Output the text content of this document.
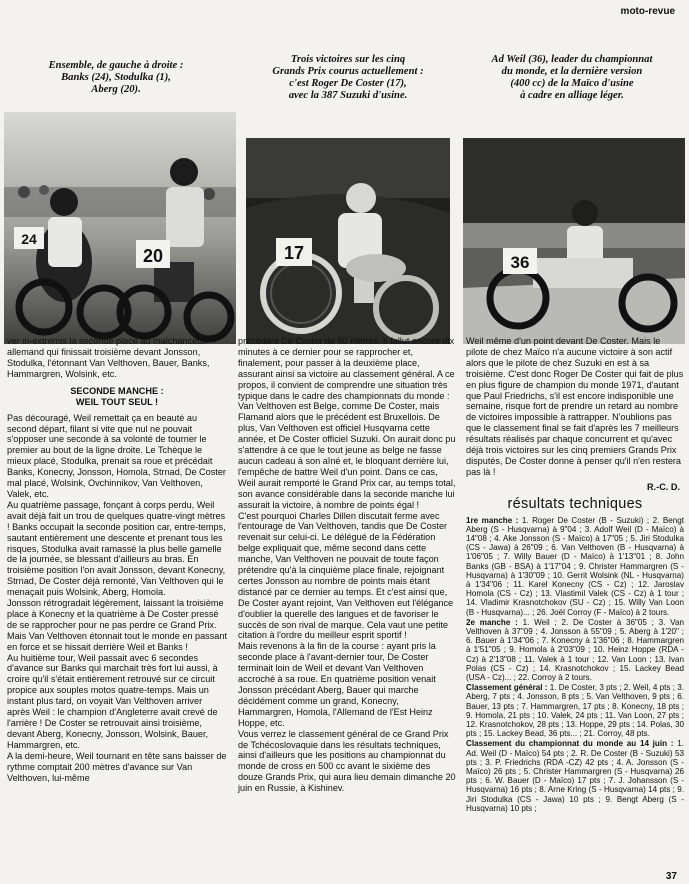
moto-revue
Ensemble, de gauche à droite :
Banks (24), Stodulka (1),
Aberg (20).
Trois victoires sur les cinq
Grands Prix courus actuellement :
c'est Roger De Coster (17),
avec la 387 Suzuki d'usine.
Ad Weil (36), leader du championnat
du monde, et la dernière version
(400 cc) de la Maïco d'usine
à cadre en alliage léger.
24
20	17	36

ver in-extremis la seconde place au malchanceux allemand qui finissait troisième devant Jonsson, Stodulka, l'étonnant Van Velthoven, Bauer, Banks, Hammargren, Wolsink, etc.

SECONDE MANCHE :
WEIL TOUT SEUL !

Pas découragé, Weil remettait ça en beauté au second départ, filant si vite que nul ne pouvait s'opposer une seconde à sa volonté de tourner le premier au bout de la ligne droite. Le Tchèque le mieux placé, Stodulka, prenait sa roue et précédait Banks, Konecny, Jonsson, Homola, Strnad, De Coster mal placé, Wolsink, Ovchinnikov, Van Velthoven, Valek, etc.
Au quatrième passage, fonçant à corps perdu, Weil avait déjà fait un trou de quelques quatre-vingt mètres ! Banks occupait la seconde position car, entre-temps, sautant entièrement une descente et prenant tous les risques, Stodulka avait ramassé la plus belle gamelle de la journée, se blessant d'ailleurs au bras. En troisième position l'on avait Jonsson, devant Konecny, Strnad, De Coster déjà remonté, Van Velthoven qui le menaçait puis Wolsink, Aberg, Homola.
Jonsson rétrogradait légèrement, laissant la troisième place à Konecny et la quatrième à De Coster pressé de se rapprocher pour ne pas perdre ce Grand Prix. Mais Van Velthoven étonnait tout le monde en passant en force et se hissait derrière Weil et Banks !
Au huitième tour, Weil passait avec 6 secondes d'avance sur Banks qui marchait très fort lui aussi, à croire qu'il s'était entièrement retrouvé sur ce circuit propice aux souples motos quatre-temps. Mais un instant plus tard, on voyait Van Velthoven arriver après Weil : le champion d'Angleterre avait crevé de l'arrière ! De Coster se retrouvait ainsi troisième, devant Aberg, Konecny, Jonsson, Wolsink, Bauer, Hammargren, etc.
A la demi-heure, Weil tournant en tête sans baisser de rythme comptait 200 mètres d'avance sur Van Velthoven, lui-même

précédant De Coster de 50 mètres. Il fallut encore dix minutes à ce dernier pour se rapprocher et, finalement, pour passer à la deuxième place, assurant ainsi sa victoire au classement général. A ce propos, il convient de comprendre une situation très typique dans le cadre des championnats du monde : Van Velthoven est Belge, comme De Coster, mais Flamand alors que le précédent est Bruxellois. De plus, Van Velthoven est officiel Husqvarna cette année, et De Coster officiel Suzuki. On aurait donc pu s'attendre à ce que le tout jeune as belge ne fasse aucun cadeau à son aîné et, le bloquant derrière lui, l'empêche de battre Weil d'un point. Dans ce cas, Weil aurait remporté le Grand Prix car, au temps total, son avance considérable dans la seconde manche lui assurait la victoire, à nombre de points égal !
C'est pourquoi Charles Dillen discutait ferme avec l'entourage de Van Velthoven, tandis que De Coster revenait sur celui-ci. Le délégué de la Fédération belge expliquait que, même second dans cette manche, Van Velthoven ne pouvait de toute façon prétendre qu'à la cinquième place finale, rejoignant certes Jonsson au nombre de points mais étant distancé par ce dernier au temps. Et c'est ainsi que, De Coster ayant rejoint, Van Velthoven eut l'élégance d'oublier la querelle des langues et de favoriser le succès de son rival de marque. Cela vaut une petite citation à l'ordre du meilleur esprit sportif !
Mais revenons à la fin de la course : ayant pris la seconde place à l'avant-dernier tour, De Coster terminait loin de Weil et devant Van Velthoven accroché à sa roue. En quatrième position venait Jonsson précédant Aberg, Bauer qui marche décidément comme un grand, Konecny, Hammargren, Homola, l'Allemand de l'Est Heinz Hoppe, etc.
Vous verrez le classement général de ce Grand Prix de Tchécoslovaquie dans les résultats techniques, ainsi d'ailleurs que les positions au championnat du monde de cross en 500 cc avant le sixième des douze Grands Prix, qui aura lieu demain dimanche 20 juin en Russie, à Kishinev.

Weil même d'un point devant De Coster. Mais le pilote de chez Maïco n'a aucune victoire à son actif alors que le pilote de chez Suzuki en est à sa troisième. C'est donc Roger De Coster qui fait de plus en plus figure de champion du monde 1971, d'autant que Paul Friedrichs, s'il est encore indisponible une semaine, risque fort de prendre un retard au nombre de victoires impossible à rattrapper. N'oublions pas que le classement final se fait d'après les 7 meilleurs résultats réalisés par chaque concurrent et qu'avec déjà trois victoires sur les cinq premiers Grands Prix disputés, De Coster donne à penser qu'il n'en restera pas là !

R.-C. D.
résultats techniques

1re manche : 1. Roger De Coster (B - Suzuki) ; 2. Bengt Aberg (S - Husqvarna) à 9"04 ; 3. Adolf Weil (D - Maïco) à 14"08 ; 4. Ake Jonsson (S - Maïco) à 17"05 ; 5. Jiri Stodulka (CS - Jawa) à 26"09 ; 6. Van Velthoven (B - Husqvarna) à 1'06"05 ; 7. Willy Bauer (D - Maïco) à 1'13"01 ; 8. John Banks (GB - BSA) à 1'17"04 ; 9. Christer Hammargren (S - Husqvarna) à 1'30"09 ; 10. Gerrit Wolsink (NL - Husqvarna) à 1'34"06 ; 11. Karel Konecny (CS - Cz) ; 12. Jaroslav Homola (CS - Cz) ; 13. Vlastimil Valek (CS - Cz) à 1 tour ; 14. Vladimir Krasnotchokov (SU - Cz) ; 15. Willy Van Loon (B - Husqvarna)... ; 26. Joël Corroy (F - Maïco) à 2 tours.

2e manche : 1. Weil ; 2. De Coster à 36"05 ; 3. Van Velthoven à 37"09 ; 4. Jonsson à 55"09 ; 5. Aberg à 1'20" ; 6. Bauer à 1'34"06 ; 7. Konecny à 1'36"06 ; 8. Hammargren à 1'51"05 ; 9. Homola à 2'03"09 ; 10. Heinz Hoppe (RDA - Cz) à 2'13"08 ; 11. Valek à 1 tour ; 12. Van Loon ; 13. Ivan Polas (CS - Cz) ; 14. Krasnotchokov ; 15. Lackey Bead (USA - Cz)... ; 22. Corroy à 2 tours.

Classement général : 1. De Coster, 3 pts ; 2. Weil, 4 pts ; 3. Aberg, 7 pts ; 4. Jonsson, 8 pts ; 5. Van Velthoven, 9 pts ; 6. Bauer, 13 pts ; 7. Hammargren, 17 pts ; 8. Konecny, 18 pts ; 9. Homola, 21 pts ; 10. Valek, 24 pts ; 11. Van Loon, 27 pts ; 12. Krasnotchokov, 28 pts ; 13. Hoppe, 29 pts ; 14. Polas, 30 pts ; 15. Lackey Bead, 36 pts... ; 21. Corroy, 48 pts.

Classement du championnat du monde au 14 juin : 1. Ad. Weil (D - Maïco) 54 pts ; 2. R. De Coster (B - Suzuki) 53 pts ; 3. P. Friedrichs (RDA -CZ) 42 pts ; 4. A. Jonsson (S - Maïco) 26 pts ; 5. Christer Hammargren (S - Husqvarna) 26 pts ; 6. W. Bauer (D - Maïco) 17 pts ; 7. J. Johansson (S - Husqvarna) 16 pts ; 8. Arne Kring (S - Husqvarna) 14 pts ; 9. Jiri Stodulka (CS - Jawa) 10 pts ; 9. Bengt Aberg (S - Husqvarna) 10 pts ;

37
